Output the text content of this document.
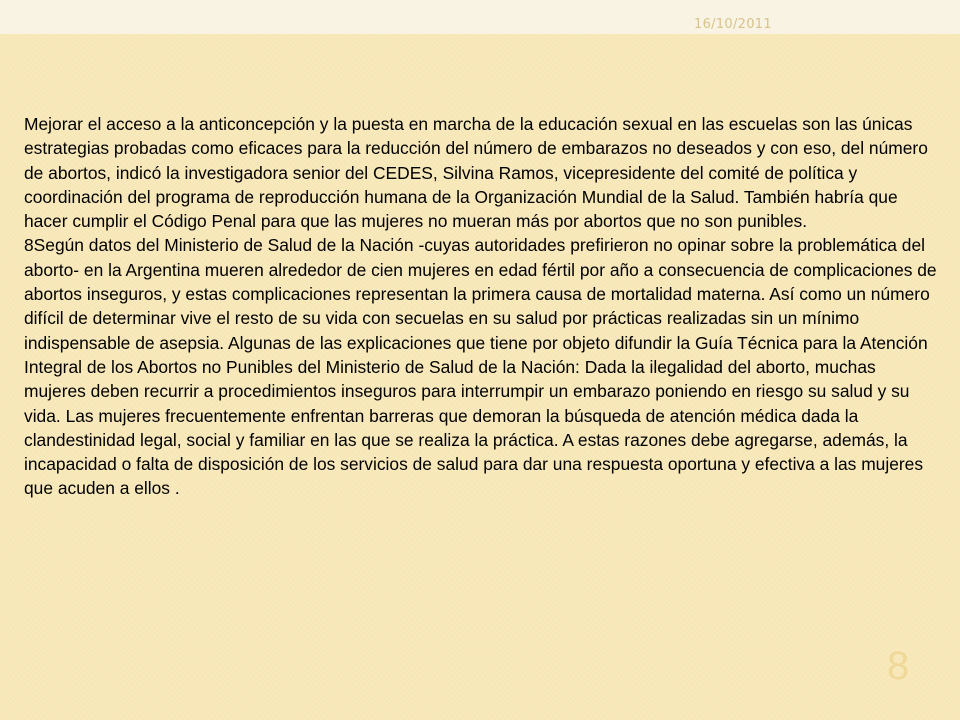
16/10/2011

Mejorar el acceso a la anticoncepción y la puesta en marcha de la educación sexual en las escuelas son las únicas estrategias probadas como eficaces para la reducción del número de embarazos no deseados y con eso, del número de abortos, indicó la investigadora senior del CEDES, Silvina Ramos, vicepresidente del comité de política y coordinación del programa de reproducción humana de la Organización Mundial de la Salud. También habría que hacer cumplir el Código Penal para que las mujeres no mueran más por abortos que no son punibles.

8Según datos del Ministerio de Salud de la Nación -cuyas autoridades prefirieron no opinar sobre la problemática del aborto- en la Argentina mueren alrededor de cien mujeres en edad fértil por año a consecuencia de complicaciones de abortos inseguros, y estas complicaciones representan la primera causa de mortalidad materna. Así como un número difícil de determinar vive el resto de su vida con secuelas en su salud por prácticas realizadas sin un mínimo indispensable de asepsia. Algunas de las explicaciones que tiene por objeto difundir la Guía Técnica para la Atención Integral de los Abortos no Punibles del Ministerio de Salud de la Nación: Dada la ilegalidad del aborto, muchas mujeres deben recurrir a procedimientos inseguros para interrumpir un embarazo poniendo en riesgo su salud y su vida. Las mujeres frecuentemente enfrentan barreras que demoran la búsqueda de atención médica dada la clandestinidad legal, social y familiar en las que se realiza la práctica. A estas razones debe agregarse, además, la incapacidad o falta de disposición de los servicios de salud para dar una respuesta oportuna y efectiva a las mujeres que acuden a ellos .

8
